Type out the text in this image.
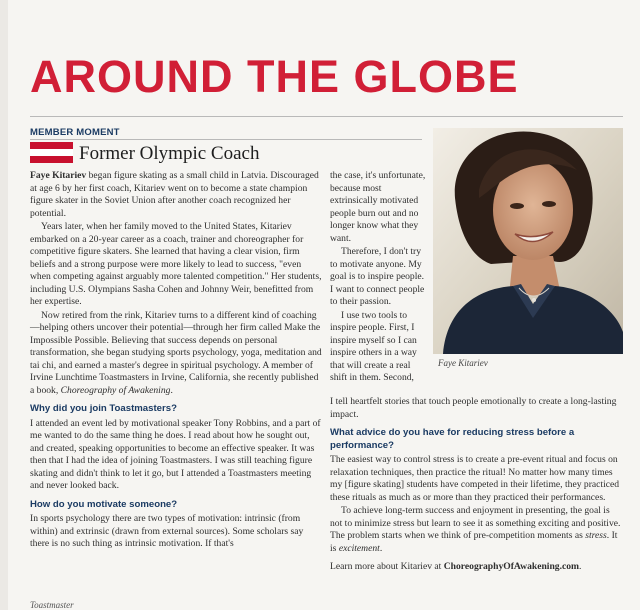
AROUND THE GLOBE
MEMBER MOMENT
Former Olympic Coach

Faye Kitariev began figure skating as a small child in Latvia. Discouraged at age 6 by her first coach, Kitariev went on to become a state champion figure skater in the Soviet Union after another coach recognized her potential.

Years later, when her family moved to the United States, Kitariev embarked on a 20-year career as a coach, trainer and choreographer for competitive figure skaters. She learned that having a clear vision, firm beliefs and a strong purpose were more likely to lead to success, "even when competing against arguably more talented competition." Her students, including U.S. Olympians Sasha Cohen and Johnny Weir, benefitted from her expertise.

Now retired from the rink, Kitariev turns to a different kind of coaching—helping others uncover their potential—through her firm called Make the Impossible Possible. Believing that success depends on personal transformation, she began studying sports psychology, yoga, meditation and tai chi, and earned a master's degree in spiritual psychology. A member of Irvine Lunchtime Toastmasters in Irvine, California, she recently published a book, Choreography of Awakening.

Why did you join Toastmasters?

I attended an event led by motivational speaker Tony Robbins, and a part of me wanted to do the same thing he does. I read about how he sought out, and created, speaking opportunities to become an effective speaker. It was then that I had the idea of joining Toastmasters. I was still teaching figure skating and didn't think to let it go, but I attended a Toastmasters meeting and never looked back.

How do you motivate someone?

In sports psychology there are two types of motivation: intrinsic (from within) and extrinsic (drawn from external sources). Some scholars say there is no such thing as intrinsic motivation. If that's

the case, it's unfortunate, because most extrinsically motivated people burn out and no longer know what they want.

Therefore, I don't try to motivate anyone. My goal is to inspire people. I want to connect people to their passion.

I use two tools to inspire people. First, I inspire myself so I can inspire others in a way that will create a real shift in them. Second,

Faye Kitariev

I tell heartfelt stories that touch people emotionally to create a long-lasting impact.

What advice do you have for reducing stress before a performance?

The easiest way to control stress is to create a pre-event ritual and focus on relaxation techniques, then practice the ritual! No matter how many times my [figure skating] students have competed in their lifetime, they practiced these rituals as much as or more than they practiced their performances.

To achieve long-term success and enjoyment in presenting, the goal is not to minimize stress but learn to see it as something exciting and positive. The problem starts when we think of pre-competition moments as stress. It is excitement.

Learn more about Kitariev at ChoreographyOfAwakening.com.

Toastmaster
